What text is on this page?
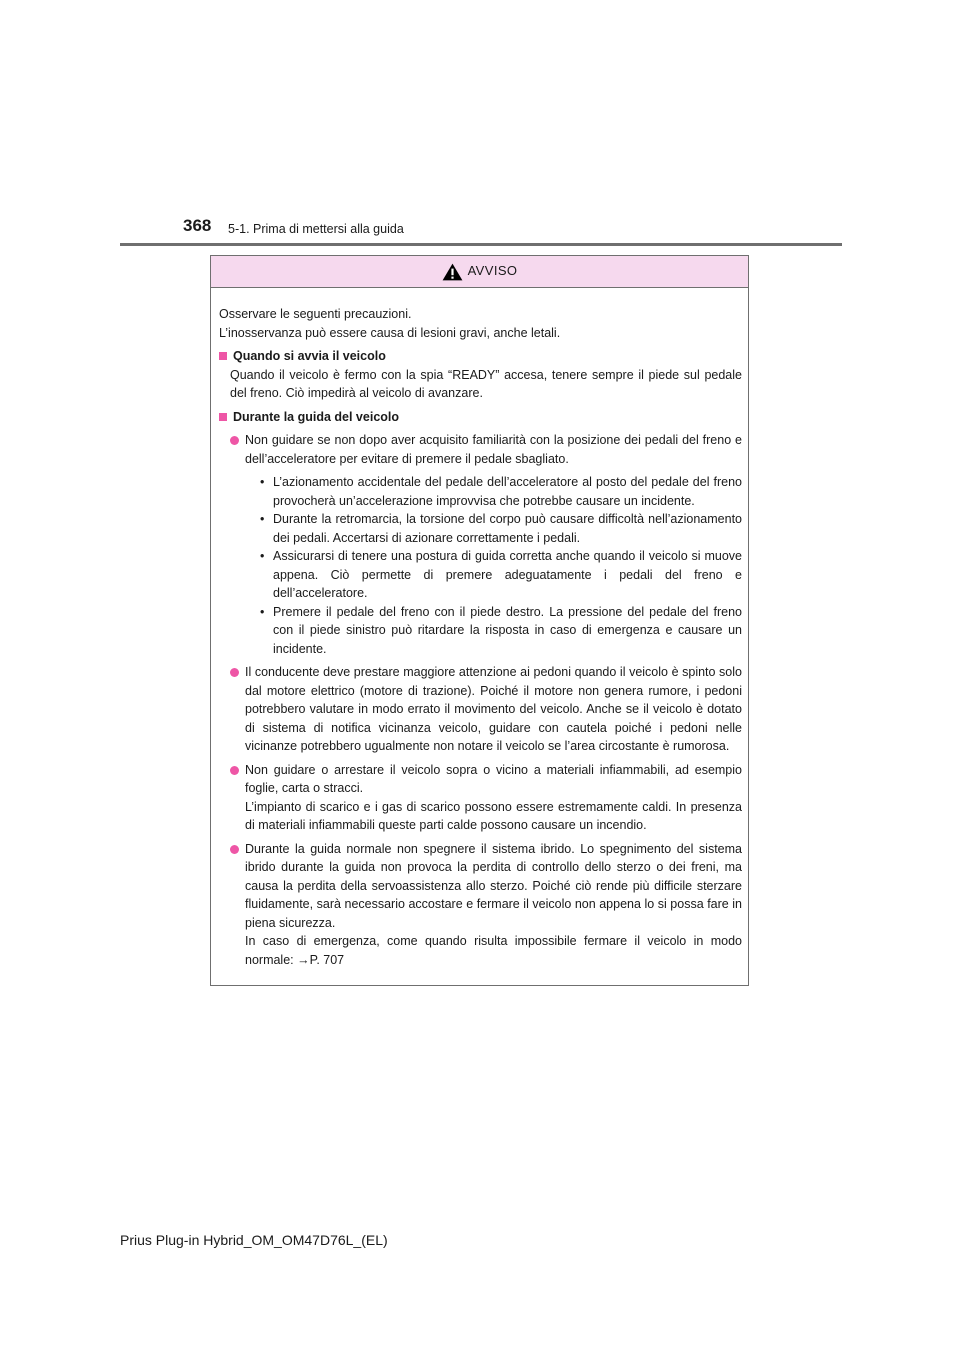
368 5-1. Prima di mettersi alla guida
AVVISO
Osservare le seguenti precauzioni.
L’inosservanza può essere causa di lesioni gravi, anche letali.
Quando si avvia il veicolo
Quando il veicolo è fermo con la spia “READY” accesa, tenere sempre il piede sul pedale del freno. Ciò impedirà al veicolo di avanzare.
Durante la guida del veicolo
Non guidare se non dopo aver acquisito familiarità con la posizione dei pedali del freno e dell’acceleratore per evitare di premere il pedale sbagliato.
• L’azionamento accidentale del pedale dell’acceleratore al posto del pedale del freno provocherà un’accelerazione improvvisa che potrebbe causare un incidente.
• Durante la retromarcia, la torsione del corpo può causare difficoltà nell’azionamento dei pedali. Accertarsi di azionare correttamente i pedali.
• Assicurarsi di tenere una postura di guida corretta anche quando il veicolo si muove appena. Ciò permette di premere adeguatamente i pedali del freno e dell’acceleratore.
• Premere il pedale del freno con il piede destro. La pressione del pedale del freno con il piede sinistro può ritardare la risposta in caso di emergenza e causare un incidente.
Il conducente deve prestare maggiore attenzione ai pedoni quando il veicolo è spinto solo dal motore elettrico (motore di trazione). Poiché il motore non genera rumore, i pedoni potrebbero valutare in modo errato il movimento del veicolo. Anche se il veicolo è dotato di sistema di notifica vicinanza veicolo, guidare con cautela poiché i pedoni nelle vicinanze potrebbero ugualmente non notare il veicolo se l’area circostante è rumorosa.
Non guidare o arrestare il veicolo sopra o vicino a materiali infiammabili, ad esempio foglie, carta o stracci.
L’impianto di scarico e i gas di scarico possono essere estremamente caldi. In presenza di materiali infiammabili queste parti calde possono causare un incendio.
Durante la guida normale non spegnere il sistema ibrido. Lo spegnimento del sistema ibrido durante la guida non provoca la perdita di controllo dello sterzo o dei freni, ma causa la perdita della servoassistenza allo sterzo. Poiché ciò rende più difficile sterzare fluidamente, sarà necessario accostare e fermare il veicolo non appena lo si possa fare in piena sicurezza.
In caso di emergenza, come quando risulta impossibile fermare il veicolo in modo normale: →P. 707
Prius Plug-in Hybrid_OM_OM47D76L_(EL)
